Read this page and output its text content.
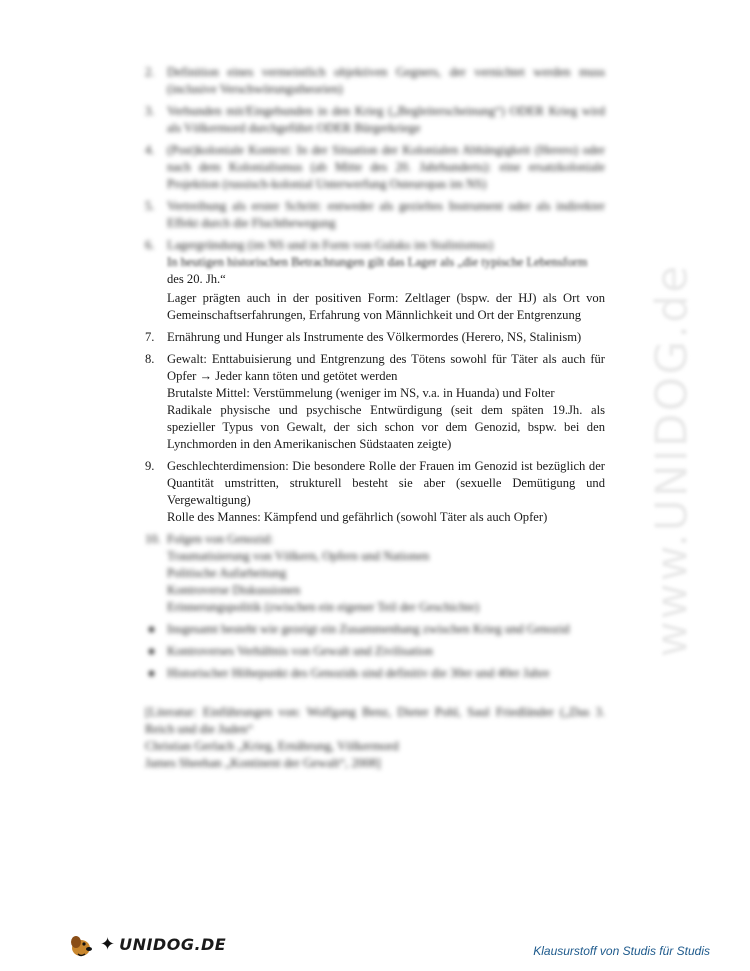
2. Definition eines vermeintlich objektiven Gegners, der vernichtet werden muss (inclusive Verschwörungstheorien)

3. Verbunden mit/Eingebunden in den Krieg („Begleiterscheinung“) ODER Krieg wird als Völkermord durchgeführt ODER Bürgerkriege

4. (Post)koloniale Kontext: In der Situation der Kolonialen Abhängigkeit (Herero) oder nach dem Kolonialismus (ab Mitte des 20. Jahrhunderts): eine ersatzkoloniale Projektion (russisch-kolonial Unterwerfung Osteuropas im NS)

5. Vertreibung als erster Schritt: entweder als gezieltes Instrument oder als indirekter Effekt durch die Fluchtbewegung

6. Lagergründung (im NS und in Form von Gulaks im Stalinismus)

In heutigen historischen Betrachtungen gilt das Lager als „die typische Lebensform

des 20. Jh.“

Lager prägten auch in der positiven Form: Zeltlager (bspw. der HJ) als Ort von Gemeinschaftserfahrungen, Erfahrung von Männlichkeit und Ort der Entgrenzung

7. Ernährung und Hunger als Instrumente des Völkermordes (Herero, NS, Stalinism)

8. Gewalt: Enttabuisierung und Entgrenzung des Tötens sowohl für Täter als auch für Opfer → Jeder kann töten und getötet werden

Brutalste Mittel: Verstümmelung (weniger im NS, v.a. in Huanda) und Folter

Radikale physische und psychische Entwürdigung (seit dem späten 19.Jh. als spezieller Typus von Gewalt, der sich schon vor dem Genozid, bspw. bei den Lynchmorden in den Amerikanischen Südstaaten zeigte)

9. Geschlechterdimension: Die besondere Rolle der Frauen im Genozid ist bezüglich der Quantität umstritten, strukturell besteht sie aber (sexuelle Demütigung und Vergewaltigung)

Rolle des Mannes: Kämpfend und gefährlich (sowohl Täter als auch Opfer)

10. Folgen von Genozid:

Traumatisierung von Völkern, Opfern und Nationen

Politische Aufarbeitung

Kontroverse Diskussionen

Erinnerungspolitik (zwischen ein eigener Teil der Geschichte)

Insgesamt besteht wie gezeigt ein Zusammenhang zwischen Krieg und Genozid
Kontroverses Verhältnis von Gewalt und Zivilisation
Historischer Höhepunkt des Genozids sind definitiv die 30er und 40er Jahre

[Literatur: Einführungen von: Wolfgang Benz, Dieter Pohl, Saul Friedländer („Das 3. Reich und die Juden“

Christian Gerlach „Krieg, Ernährung, Völkermord

James Sheehan „Kontinent der Gewalt“, 2008]

www.UNIDOG.de
✦ UNIDOG.DE	Klausurstoff von Studis für Studis
